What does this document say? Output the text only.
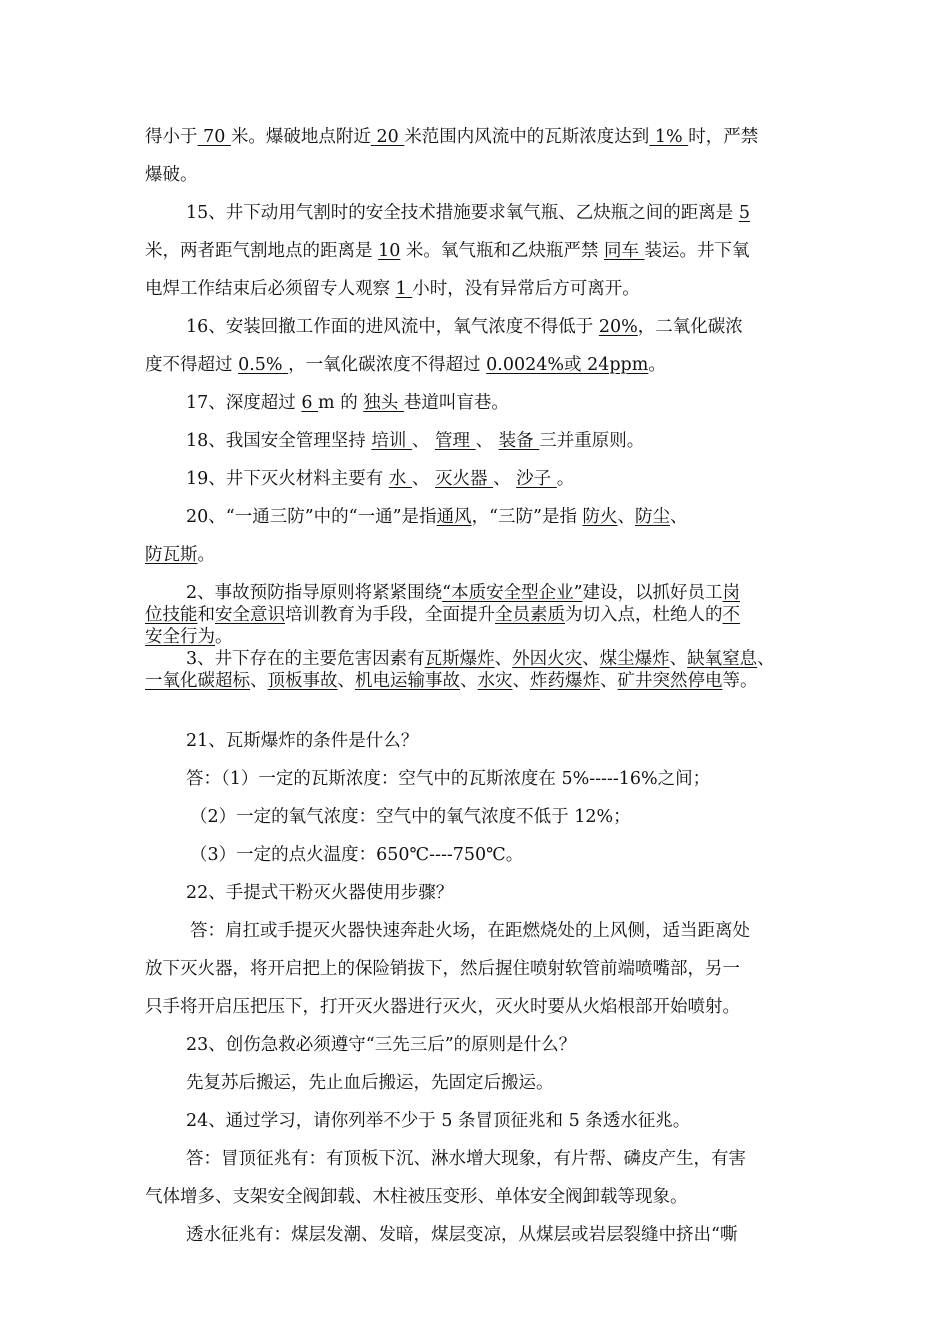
得小于 70 米。爆破地点附近 20 米范围内风流中的瓦斯浓度达到 1% 时，严禁
爆破。
15、井下动用气割时的安全技术措施要求氧气瓶、乙炔瓶之间的距离是 5
米，两者距气割地点的距离是 10 米。氧气瓶和乙炔瓶严禁 同车 装运。井下氧
电焊工作结束后必须留专人观察 1 小时，没有异常后方可离开。
16、安装回撤工作面的进风流中，氧气浓度不得低于 20%，二氧化碳浓
度不得超过 0.5% ，一氧化碳浓度不得超过 0.0024%或 24ppm。
17、深度超过 6 m 的 独头 巷道叫盲巷。
18、我国安全管理坚持 培训 、 管理 、 装备 三并重原则。
19、井下灭火材料主要有 水 、 灭火器 、 沙子 。
20、“一通三防”中的“一通”是指通风，“三防”是指 防火、防尘、
防瓦斯。
2、事故预防指导原则将紧紧围绕“本质安全型企业”建设，以抓好员工岗
位技能和安全意识培训教育为手段，全面提升全员素质为切入点，杜绝人的不
安全行为。
3、井下存在的主要危害因素有瓦斯爆炸、外因火灾、煤尘爆炸、缺氧窒息、
一氧化碳超标、顶板事故、机电运输事故、水灾、炸药爆炸、矿井突然停电等。
21、瓦斯爆炸的条件是什么？
答：（1）一定的瓦斯浓度：空气中的瓦斯浓度在 5%-----16%之间；
（2）一定的氧气浓度：空气中的氧气浓度不低于 12%；
（3）一定的点火温度：650℃----750℃。
22、手提式干粉灭火器使用步骤？
答：肩扛或手提灭火器快速奔赴火场，在距燃烧处的上风侧，适当距离处
放下灭火器，将开启把上的保险销拔下，然后握住喷射软管前端喷嘴部，另一
只手将开启压把压下，打开灭火器进行灭火，灭火时要从火焰根部开始喷射。
23、创伤急救必须遵守“三先三后”的原则是什么？
先复苏后搬运，先止血后搬运，先固定后搬运。
24、通过学习，请你列举不少于 5 条冒顶征兆和 5 条透水征兆。
答：冒顶征兆有：有顶板下沉、淋水增大现象，有片帮、磷皮产生，有害
气体增多、支架安全阀卸载、木柱被压变形、单体安全阀卸载等现象。
透水征兆有：煤层发潮、发暗，煤层变凉，从煤层或岩层裂缝中挤出“嘶
